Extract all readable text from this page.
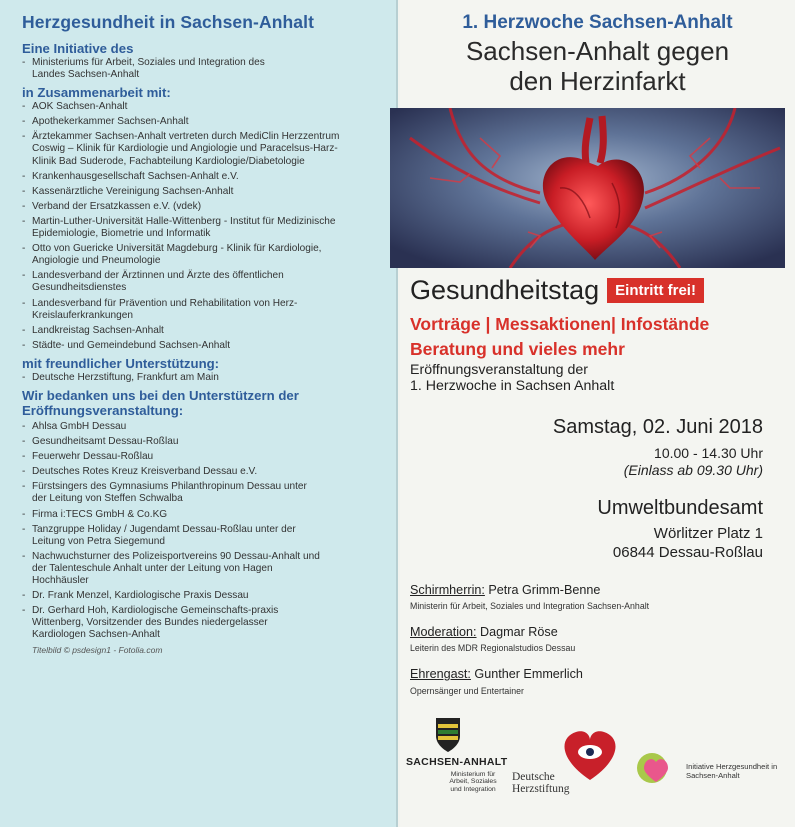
Herzgesundheit in Sachsen-Anhalt
Eine Initiative des
- Ministeriums für Arbeit, Soziales und Integration des Landes Sachsen-Anhalt
in Zusammenarbeit mit:
- AOK Sachsen-Anhalt
- Apothekerkammer Sachsen-Anhalt
- Ärztekammer Sachsen-Anhalt vertreten durch MediClin Herzzentrum Coswig – Klinik für Kardiologie und Angiologie und Paracelsus-Harz-Klinik Bad Suderode, Fachabteilung Kardiologie/Diabetologie
- Krankenhausgesellschaft Sachsen-Anhalt e.V.
- Kassenärztliche Vereinigung Sachsen-Anhalt
- Verband der Ersatzkassen e.V. (vdek)
- Martin-Luther-Universität Halle-Wittenberg - Institut für Medizinische Epidemiologie, Biometrie und Informatik
- Otto von Guericke Universität Magdeburg - Klinik für Kardiologie, Angiologie und Pneumologie
- Landesverband der Ärztinnen und Ärzte des öffentlichen Gesundheitsdienstes
- Landesverband für Prävention und Rehabilitation von Herz-Kreislauferkrankungen
- Landkreistag Sachsen-Anhalt
- Städte- und Gemeindebund Sachsen-Anhalt
mit freundlicher Unterstützung:
- Deutsche Herzstiftung, Frankfurt am Main
Wir bedanken uns bei den Unterstützern der Eröffnungsveranstaltung:
- Ahlsa GmbH Dessau
- Gesundheitsamt Dessau-Roßlau
- Feuerwehr Dessau-Roßlau
- Deutsches Rotes Kreuz Kreisverband Dessau e.V.
- Fürstsingers des Gymnasiums Philanthropinum Dessau unter der Leitung von Steffen Schwalba
- Firma i:TECS GmbH & Co.KG
- Tanzgruppe Holiday / Jugendamt Dessau-Roßlau unter der Leitung von Petra Siegemund
- Nachwuchsturner des Polizeisportvereins 90 Dessau-Anhalt und der Talenteschule Anhalt unter der Leitung von Hagen Hochhäusler
- Dr. Frank Menzel, Kardiologische Praxis Dessau
- Dr. Gerhard Hoh, Kardiologische Gemeinschafts-praxis Wittenberg, Vorsitzender des Bundes niedergelasser Kardiologen Sachsen-Anhalt
Titelbild © psdesign1 - Fotolia.com
1. Herzwoche Sachsen-Anhalt
Sachsen-Anhalt gegen
den Herzinfarkt
Gesundheitstag	Eintritt frei!
Vorträge | Messaktionen| Infostände
Beratung und vieles mehr
Eröffnungsveranstaltung der
1. Herzwoche in Sachsen Anhalt
Samstag, 02. Juni 2018
10.00 - 14.30 Uhr
(Einlass ab 09.30 Uhr)
Umweltbundesamt
Wörlitzer Platz 1
06844 Dessau-Roßlau
Schirmherrin: Petra Grimm-Benne
Ministerin für Arbeit, Soziales und Integration Sachsen-Anhalt
Moderation: Dagmar Röse
Leiterin des MDR Regionalstudios Dessau
Ehrengast: Gunther Emmerlich
Opernsänger und Entertainer
SACHSEN-ANHALT
Ministerium für Arbeit, Soziales und Integration
Deutsche
Herzstiftung
Initiative Herzgesundheit in Sachsen-Anhalt
